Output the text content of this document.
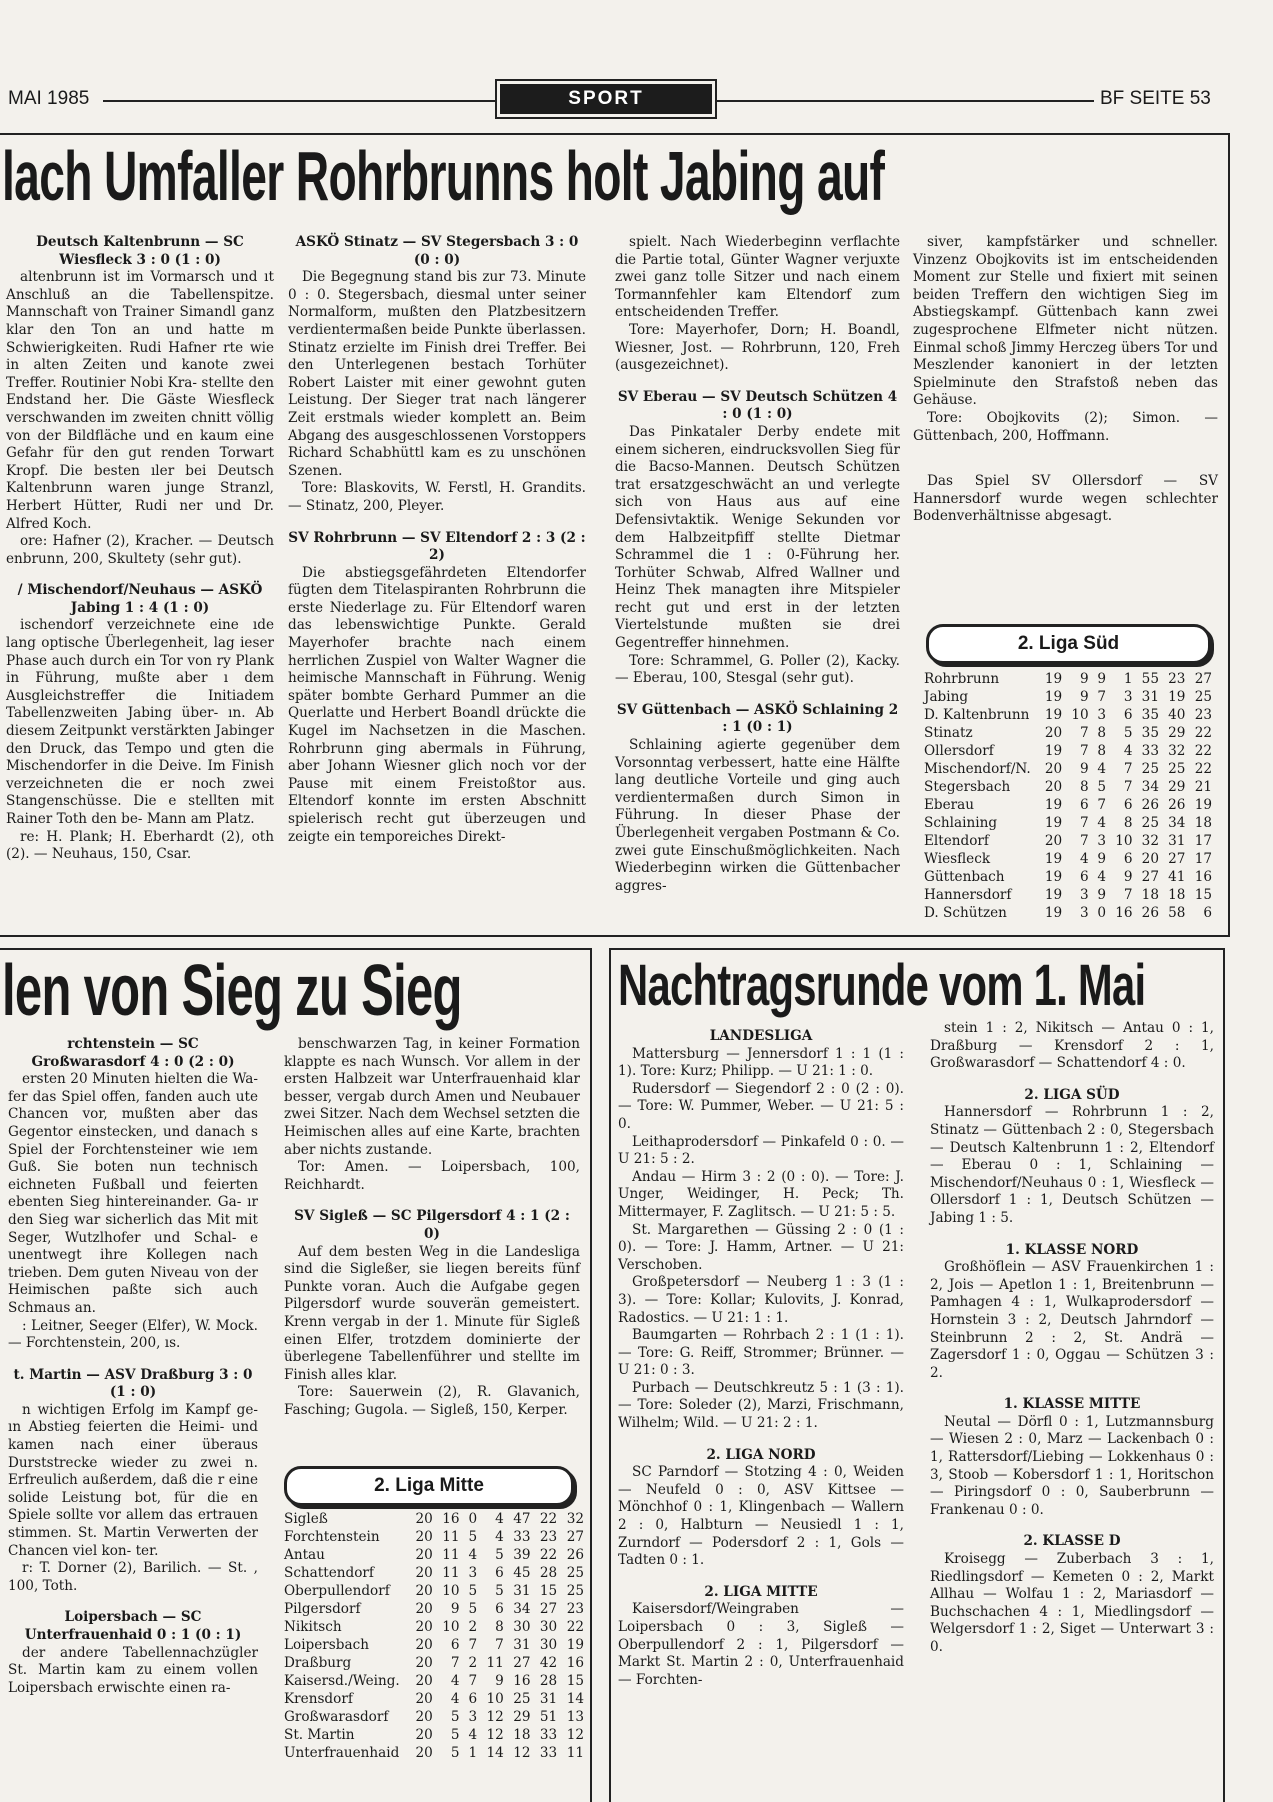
MAI 1985	SPORT	BF SEITE 53
lach Umfaller Rohrbrunns holt Jabing auf

Deutsch Kaltenbrunn — SC Wiesfleck 3 : 0 (1 : 0)

altenbrunn ist im Vormarsch und ıt Anschluß an die Tabellenspitze. Mannschaft von Trainer Simandl ganz klar den Ton an und hatte m Schwierigkeiten. Rudi Hafner rte wie in alten Zeiten und kanote zwei Treffer. Routinier Nobi Kra- stellte den Endstand her. Die Gäste Wiesfleck verschwanden im zweiten chnitt völlig von der Bildfläche und en kaum eine Gefahr für den gut renden Torwart Kropf. Die besten ıler bei Deutsch Kaltenbrunn waren junge Stranzl, Herbert Hütter, Rudi ner und Dr. Alfred Koch.

ore: Hafner (2), Kracher. — Deutsch enbrunn, 200, Skultety (sehr gut).

/ Mischendorf/Neuhaus — ASKÖ Jabing 1 : 4 (1 : 0)

ischendorf verzeichnete eine ıde lang optische Überlegenheit, lag ieser Phase auch durch ein Tor von ry Plank in Führung, mußte aber ı dem Ausgleichstreffer die Initiadem Tabellenzweiten Jabing über- ın. Ab diesem Zeitpunkt verstärkten Jabinger den Druck, das Tempo und gten die Mischendorfer in die Deive. Im Finish verzeichneten die er noch zwei Stangenschüsse. Die e stellten mit Rainer Toth den be- Mann am Platz.

re: H. Plank; H. Eberhardt (2), oth (2). — Neuhaus, 150, Csar.

ASKÖ Stinatz — SV Stegersbach 3 : 0 (0 : 0)

Die Begegnung stand bis zur 73. Minute 0 : 0. Stegersbach, diesmal unter seiner Normalform, mußten den Platzbesitzern verdientermaßen beide Punkte überlassen. Stinatz erzielte im Finish drei Treffer. Bei den Unterlegenen bestach Torhüter Robert Laister mit einer gewohnt guten Leistung. Der Sieger trat nach längerer Zeit erstmals wieder komplett an. Beim Abgang des ausgeschlossenen Vorstoppers Richard Schabhüttl kam es zu unschönen Szenen.

Tore: Blaskovits, W. Ferstl, H. Grandits. — Stinatz, 200, Pleyer.

SV Rohrbrunn — SV Eltendorf 2 : 3 (2 : 2)

Die abstiegsgefährdeten Eltendorfer fügten dem Titelaspiranten Rohrbrunn die erste Niederlage zu. Für Eltendorf waren das lebenswichtige Punkte. Gerald Mayerhofer brachte nach einem herrlichen Zuspiel von Walter Wagner die heimische Mannschaft in Führung. Wenig später bombte Gerhard Pummer an die Querlatte und Herbert Boandl drückte die Kugel im Nachsetzen in die Maschen. Rohrbrunn ging abermals in Führung, aber Johann Wiesner glich noch vor der Pause mit einem Freistoßtor aus. Eltendorf konnte im ersten Abschnitt spielerisch recht gut überzeugen und zeigte ein temporeiches Direkt-

spielt. Nach Wiederbeginn verflachte die Partie total, Günter Wagner verjuxte zwei ganz tolle Sitzer und nach einem Tormannfehler kam Eltendorf zum entscheidenden Treffer.

Tore: Mayerhofer, Dorn; H. Boandl, Wiesner, Jost. — Rohrbrunn, 120, Freh (ausgezeichnet).

SV Eberau — SV Deutsch Schützen 4 : 0 (1 : 0)

Das Pinkataler Derby endete mit einem sicheren, eindrucksvollen Sieg für die Bacso-Mannen. Deutsch Schützen trat ersatzgeschwächt an und verlegte sich von Haus aus auf eine Defensivtaktik. Wenige Sekunden vor dem Halbzeitpfiff stellte Dietmar Schrammel die 1 : 0-Führung her. Torhüter Schwab, Alfred Wallner und Heinz Thek managten ihre Mitspieler recht gut und erst in der letzten Viertelstunde mußten sie drei Gegentreffer hinnehmen.

Tore: Schrammel, G. Poller (2), Kacky. — Eberau, 100, Stesgal (sehr gut).

SV Güttenbach — ASKÖ Schlaining 2 : 1 (0 : 1)

Schlaining agierte gegenüber dem Vorsonntag verbessert, hatte eine Hälfte lang deutliche Vorteile und ging auch verdientermaßen durch Simon in Führung. In dieser Phase der Überlegenheit vergaben Postmann & Co. zwei gute Einschußmöglichkeiten. Nach Wiederbeginn wirken die Güttenbacher aggres-

siver, kampfstärker und schneller. Vinzenz Obojkovits ist im entscheidenden Moment zur Stelle und fixiert mit seinen beiden Treffern den wichtigen Sieg im Abstiegskampf. Güttenbach kann zwei zugesprochene Elfmeter nicht nützen. Einmal schoß Jimmy Herczeg übers Tor und Meszlender kanoniert in der letzten Spielminute den Strafstoß neben das Gehäuse.

Tore: Obojkovits (2); Simon. — Güttenbach, 200, Hoffmann.

Das Spiel SV Ollersdorf — SV Hannersdorf wurde wegen schlechter Bodenverhältnisse abgesagt.

2. Liga Süd
Rohrbrunn	19	9	9	1	55	23	27
Jabing	19	9	7	3	31	19	25
D. Kaltenbrunn	19	10	3	6	35	40	23
Stinatz	20	7	8	5	35	29	22
Ollersdorf	19	7	8	4	33	32	22
Mischendorf/N.	20	9	4	7	25	25	22
Stegersbach	20	8	5	7	34	29	21
Eberau	19	6	7	6	26	26	19
Schlaining	19	7	4	8	25	34	18
Eltendorf	20	7	3	10	32	31	17
Wiesfleck	19	4	9	6	20	27	17
Güttenbach	19	6	4	9	27	41	16
Hannersdorf	19	3	9	7	18	18	15
D. Schützen	19	3	0	16	26	58	6
len von Sieg zu Sieg

rchtenstein — SC Großwarasdorf 4 : 0 (2 : 0)

ersten 20 Minuten hielten die Wa- fer das Spiel offen, fanden auch ute Chancen vor, mußten aber das Gegentor einstecken, und danach s Spiel der Forchtensteiner wie ıem Guß. Sie boten nun technisch eichneten Fußball und feierten ebenten Sieg hintereinander. Ga- ır den Sieg war sicherlich das Mit mit Seger, Wutzlhofer und Schal- e unentwegt ihre Kollegen nach trieben. Dem guten Niveau von der Heimischen paßte sich auch Schmaus an.

: Leitner, Seeger (Elfer), W. Mock. — Forchtenstein, 200, ıs.

t. Martin — ASV Draßburg 3 : 0 (1 : 0)

n wichtigen Erfolg im Kampf ge- ın Abstieg feierten die Heimi- und kamen nach einer überaus Durststrecke wieder zu zwei n. Erfreulich außerdem, daß die r eine solide Leistung bot, für die en Spiele sollte vor allem das ertrauen stimmen. St. Martin Verwerten der Chancen viel kon- ter.

r: T. Dorner (2), Barilich. — St. , 100, Toth.

Loipersbach — SC Unterfrauenhaid 0 : 1 (0 : 1)

der andere Tabellennachzügler St. Martin kam zu einem vollen Loipersbach erwischte einen ra-

benschwarzen Tag, in keiner Formation klappte es nach Wunsch. Vor allem in der ersten Halbzeit war Unterfrauenhaid klar besser, vergab durch Amen und Neubauer zwei Sitzer. Nach dem Wechsel setzten die Heimischen alles auf eine Karte, brachten aber nichts zustande.

Tor: Amen. — Loipersbach, 100, Reichhardt.

SV Sigleß — SC Pilgersdorf 4 : 1 (2 : 0)

Auf dem besten Weg in die Landesliga sind die Sigleßer, sie liegen bereits fünf Punkte voran. Auch die Aufgabe gegen Pilgersdorf wurde souverän gemeistert. Krenn vergab in der 1. Minute für Sigleß einen Elfer, trotzdem dominierte der überlegene Tabellenführer und stellte im Finish alles klar.

Tore: Sauerwein (2), R. Glavanich, Fasching; Gugola. — Sigleß, 150, Kerper.

2. Liga Mitte
Sigleß	20	16	0	4	47	22	32
Forchtenstein	20	11	5	4	33	23	27
Antau	20	11	4	5	39	22	26
Schattendorf	20	11	3	6	45	28	25
Oberpullendorf	20	10	5	5	31	15	25
Pilgersdorf	20	9	5	6	34	27	23
Nikitsch	20	10	2	8	30	30	22
Loipersbach	20	6	7	7	31	30	19
Draßburg	20	7	2	11	27	42	16
Kaisersd./Weing.	20	4	7	9	16	28	15
Krensdorf	20	4	6	10	25	31	14
Großwarasdorf	20	5	3	12	29	51	13
St. Martin	20	5	4	12	18	33	12
Unterfrauenhaid	20	5	1	14	12	33	11
Nachtragsrunde vom 1. Mai

LANDESLIGA

Mattersburg — Jennersdorf 1 : 1 (1 : 1). Tore: Kurz; Philipp. — U 21: 1 : 0.

Rudersdorf — Siegendorf 2 : 0 (2 : 0). — Tore: W. Pummer, Weber. — U 21: 5 : 0.

Leithaprodersdorf — Pinkafeld 0 : 0. — U 21: 5 : 2.

Andau — Hirm 3 : 2 (0 : 0). — Tore: J. Unger, Weidinger, H. Peck; Th. Mittermayer, F. Zaglitsch. — U 21: 5 : 5.

St. Margarethen — Güssing 2 : 0 (1 : 0). — Tore: J. Hamm, Artner. — U 21: Verschoben.

Großpetersdorf — Neuberg 1 : 3 (1 : 3). — Tore: Kollar; Kulovits, J. Konrad, Radostics. — U 21: 1 : 1.

Baumgarten — Rohrbach 2 : 1 (1 : 1). — Tore: G. Reiff, Strommer; Brünner. — U 21: 0 : 3.

Purbach — Deutschkreutz 5 : 1 (3 : 1). — Tore: Soleder (2), Marzi, Frischmann, Wilhelm; Wild. — U 21: 2 : 1.

2. LIGA NORD

SC Parndorf — Stotzing 4 : 0, Weiden — Neufeld 0 : 0, ASV Kittsee — Mönchhof 0 : 1, Klingenbach — Wallern 2 : 0, Halbturn — Neusiedl 1 : 1, Zurndorf — Podersdorf 2 : 1, Gols — Tadten 0 : 1.

2. LIGA MITTE

Kaisersdorf/Weingraben — Loipersbach 0 : 3, Sigleß — Oberpullendorf 2 : 1, Pilgersdorf — Markt St. Martin 2 : 0, Unterfrauenhaid — Forchten-

stein 1 : 2, Nikitsch — Antau 0 : 1, Draßburg — Krensdorf 2 : 1, Großwarasdorf — Schattendorf 4 : 0.

2. LIGA SÜD

Hannersdorf — Rohrbrunn 1 : 2, Stinatz — Güttenbach 2 : 0, Stegersbach — Deutsch Kaltenbrunn 1 : 2, Eltendorf — Eberau 0 : 1, Schlaining — Mischendorf/Neuhaus 0 : 1, Wiesfleck — Ollersdorf 1 : 1, Deutsch Schützen — Jabing 1 : 5.

1. KLASSE NORD

Großhöflein — ASV Frauenkirchen 1 : 2, Jois — Apetlon 1 : 1, Breitenbrunn — Pamhagen 4 : 1, Wulkaprodersdorf — Hornstein 3 : 2, Deutsch Jahrndorf — Steinbrunn 2 : 2, St. Andrä — Zagersdorf 1 : 0, Oggau — Schützen 3 : 2.

1. KLASSE MITTE

Neutal — Dörfl 0 : 1, Lutzmannsburg — Wiesen 2 : 0, Marz — Lackenbach 0 : 1, Rattersdorf/Liebing — Lokkenhaus 0 : 3, Stoob — Kobersdorf 1 : 1, Horitschon — Piringsdorf 0 : 0, Sauberbrunn — Frankenau 0 : 0.

2. KLASSE D

Kroisegg — Zuberbach 3 : 1, Riedlingsdorf — Kemeten 0 : 2, Markt Allhau — Wolfau 1 : 2, Mariasdorf — Buchschachen 4 : 1, Miedlingsdorf — Welgersdorf 1 : 2, Siget — Unterwart 3 : 0.
